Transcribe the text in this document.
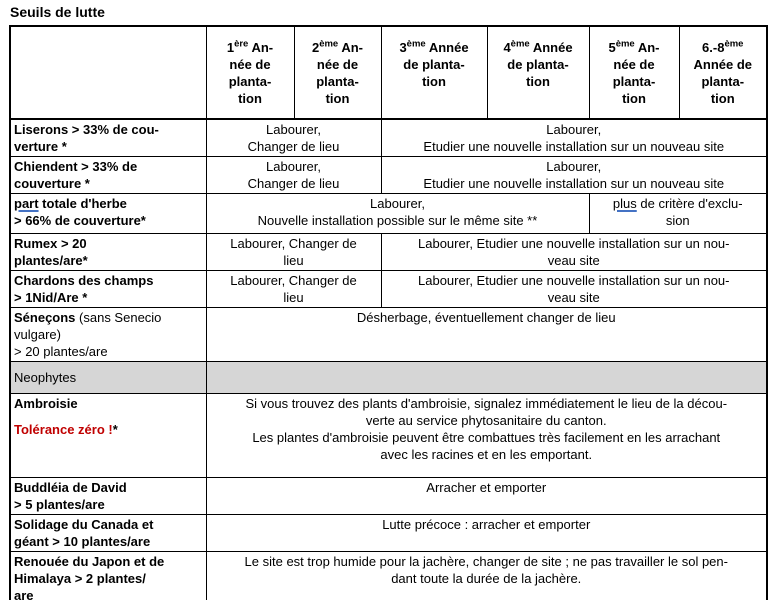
Seuils de lutte
	1ère An-
née de
planta-
tion	2ème An-
née de
planta-
tion	3ème Année
de planta-
tion	4ème Année
de planta-
tion	5ème An-
née de
planta-
tion	6.-8ème
Année de
planta-
tion
Liserons > 33% de cou-
verture *	Labourer,
Changer de lieu		Labourer,
Etudier une nouvelle installation sur un nouveau site			
Chiendent > 33% de
couverture *	Labourer,
Changer de lieu		Labourer,
Etudier une nouvelle installation sur un nouveau site			
part totale d'herbe
> 66% de couverture*	Labourer,
Nouvelle installation possible sur le même site **				plus de critère d'exclu-
sion	
Rumex > 20
plantes/are*	Labourer, Changer de
lieu		Labourer, Etudier une nouvelle installation sur un nou-
veau site			
Chardons des champs
> 1Nid/Are *	Labourer, Changer de
lieu		Labourer, Etudier une nouvelle installation sur un nou-
veau site			
Séneçons (sans Senecio
vulgare)
> 20 plantes/are	Désherbage, éventuellement changer de lieu					
Neophytes						

Ambroisie
Tolérance zéro !*
	Si vous trouvez des plants d'ambroisie, signalez immédiatement le lieu de la décou-
verte au service phytosanitaire du canton.
Les plantes d'ambroisie peuvent être combattues très facilement en les arrachant
avec les racines et en les emportant.
Buddléia de David
> 5 plantes/are	Arracher et emporter					
Solidage du Canada et
géant > 10 plantes/are	Lutte précoce : arracher et emporter					
Renouée du Japon et de
Himalaya > 2 plantes/
are	Le site est trop humide pour la jachère, changer de site ; ne pas travailler le sol pen-
dant toute la durée de la jachère.					
